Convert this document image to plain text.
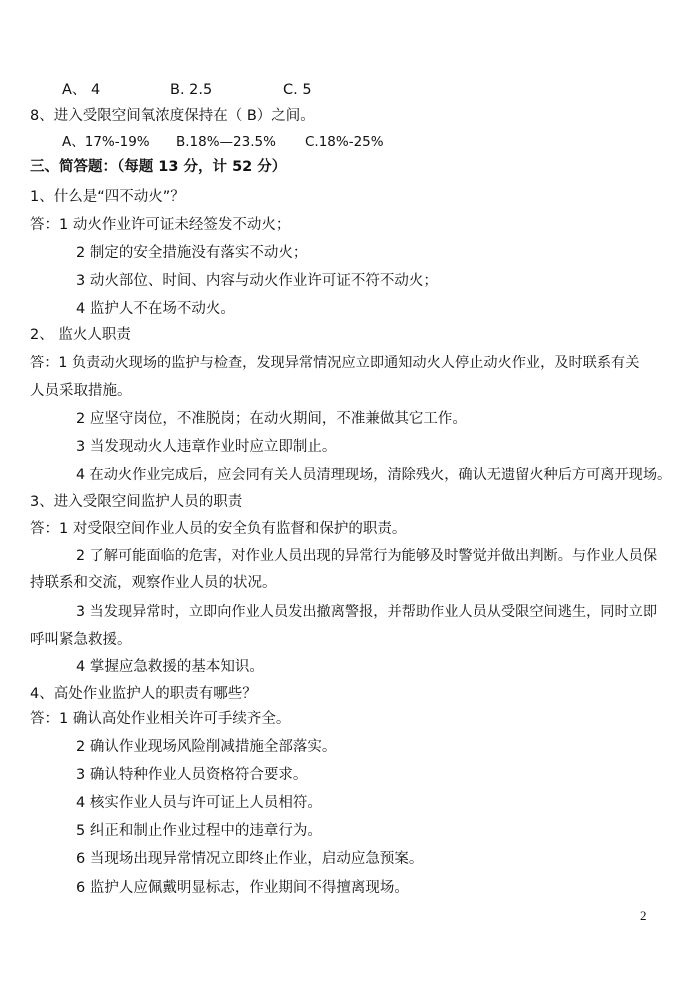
A、 4	B. 2.5	C. 5
8、进入受限空间氧浓度保持在（ B）之间。
A、17%-19% B.18%—23.5% C.18%-25%
三、简答题：（每题 13 分，计 52 分）
1、什么是“四不动火”？
答：1 动火作业许可证未经签发不动火；
2 制定的安全措施没有落实不动火；
3 动火部位、时间、内容与动火作业许可证不符不动火；
4 监护人不在场不动火。
2、 监火人职责
答：1 负责动火现场的监护与检查，发现异常情况应立即通知动火人停止动火作业，及时联系有关
人员采取措施。
2 应坚守岗位，不准脱岗；在动火期间，不准兼做其它工作。
3 当发现动火人违章作业时应立即制止。
4 在动火作业完成后，应会同有关人员清理现场，清除残火，确认无遗留火种后方可离开现场。
3、进入受限空间监护人员的职责
答：1 对受限空间作业人员的安全负有监督和保护的职责。
2 了解可能面临的危害，对作业人员出现的异常行为能够及时警觉并做出判断。与作业人员保
持联系和交流，观察作业人员的状况。
3 当发现异常时，立即向作业人员发出撤离警报，并帮助作业人员从受限空间逃生，同时立即
呼叫紧急救援。
4 掌握应急救援的基本知识。
4、高处作业监护人的职责有哪些？
答：1 确认高处作业相关许可手续齐全。
2 确认作业现场风险削减措施全部落实。
3 确认特种作业人员资格符合要求。
4 核实作业人员与许可证上人员相符。
5 纠正和制止作业过程中的违章行为。
6 当现场出现异常情况立即终止作业，启动应急预案。
6 监护人应佩戴明显标志，作业期间不得擅离现场。
2
